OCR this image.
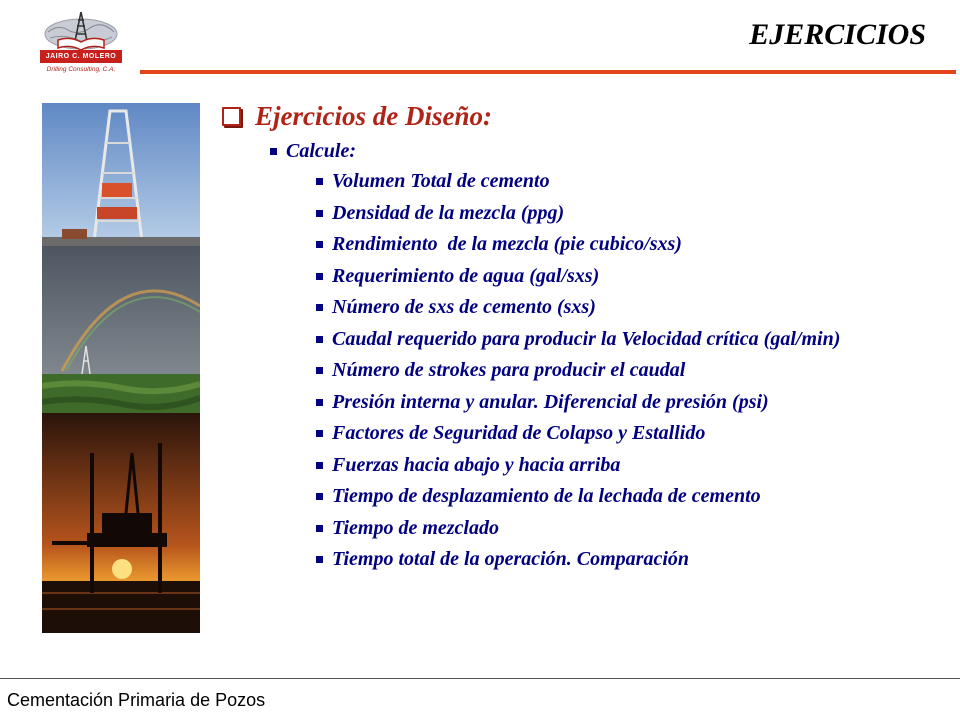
JAIRO C. MOLERO
Drilling Consulting, C.A.
EJERCICIOS
Ejercicios de Diseño:
Calcule:
Volumen Total de cemento
Densidad de la mezcla (ppg)
Rendimiento  de la mezcla (pie cubico/sxs)
Requerimiento de agua (gal/sxs)
Número de sxs de cemento (sxs)
Caudal requerido para producir la Velocidad crítica (gal/min)
Número de strokes para producir el caudal
Presión interna y anular. Diferencial de presión (psi)
Factores de Seguridad de Colapso y Estallido
Fuerzas hacia abajo y hacia arriba
Tiempo de desplazamiento de la lechada de cemento
Tiempo de mezclado
Tiempo total de la operación. Comparación
Cementación Primaria de Pozos
